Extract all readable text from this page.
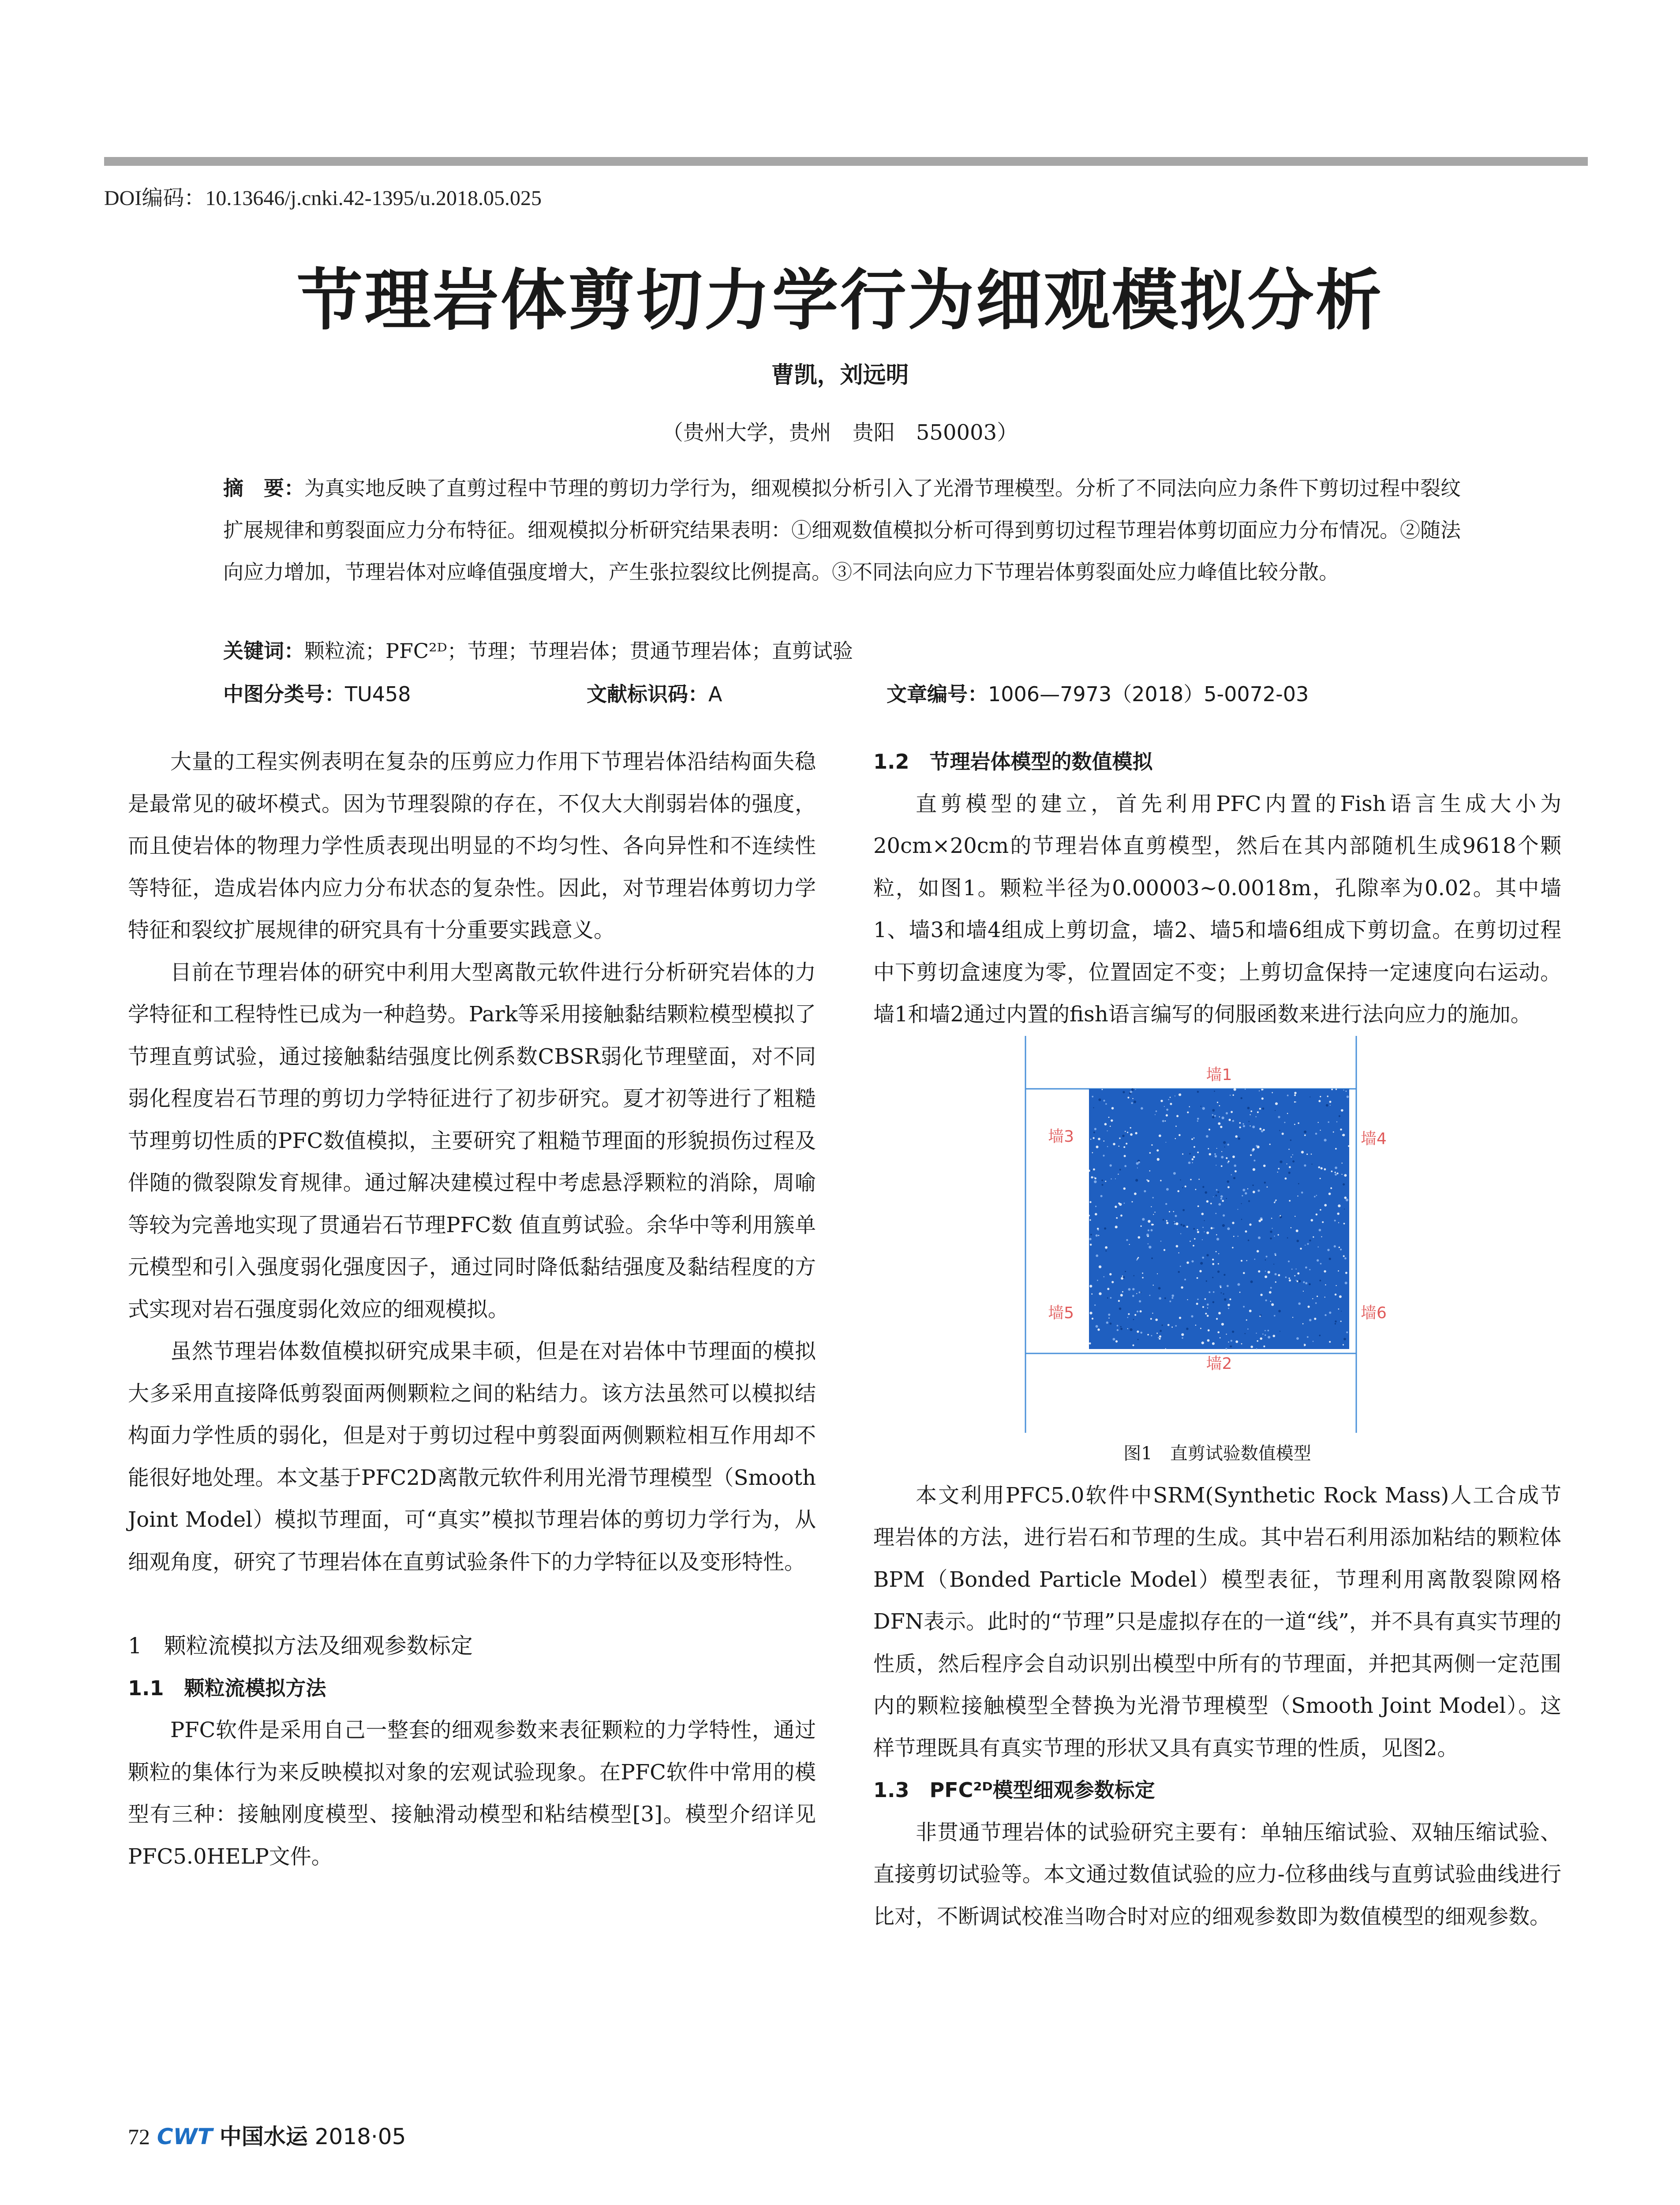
DOI编码：10.13646/j.cnki.42-1395/u.2018.05.025
节理岩体剪切力学行为细观模拟分析
曹凯，刘远明
（贵州大学，贵州　贵阳　550003）
摘　要：为真实地反映了直剪过程中节理的剪切力学行为，细观模拟分析引入了光滑节理模型。分析了不同法向应力条件下剪切过程中裂纹扩展规律和剪裂面应力分布特征。细观模拟分析研究结果表明：①细观数值模拟分析可得到剪切过程节理岩体剪切面应力分布情况。②随法向应力增加，节理岩体对应峰值强度增大，产生张拉裂纹比例提高。③不同法向应力下节理岩体剪裂面处应力峰值比较分散。
关键词：颗粒流；PFC²ᴰ；节理；节理岩体；贯通节理岩体；直剪试验
中图分类号：TU458	文献标识码：A	文章编号：1006—7973（2018）5-0072-03

大量的工程实例表明在复杂的压剪应力作用下节理岩体沿结构面失稳是最常见的破坏模式。因为节理裂隙的存在，不仅大大削弱岩体的强度，而且使岩体的物理力学性质表现出明显的不均匀性、各向异性和不连续性等特征，造成岩体内应力分布状态的复杂性。因此，对节理岩体剪切力学特征和裂纹扩展规律的研究具有十分重要实践意义。

目前在节理岩体的研究中利用大型离散元软件进行分析研究岩体的力学特征和工程特性已成为一种趋势。Park等采用接触黏结颗粒模型模拟了节理直剪试验，通过接触黏结强度比例系数CBSR弱化节理壁面，对不同弱化程度岩石节理的剪切力学特征进行了初步研究。夏才初等进行了粗糙节理剪切性质的PFC数值模拟，主要研究了粗糙节理面的形貌损伤过程及伴随的微裂隙发育规律。通过解决建模过程中考虑悬浮颗粒的消除，周喻等较为完善地实现了贯通岩石节理PFC数 值直剪试验。余华中等利用簇单元模型和引入强度弱化强度因子，通过同时降低黏结强度及黏结程度的方式实现对岩石强度弱化效应的细观模拟。

虽然节理岩体数值模拟研究成果丰硕，但是在对岩体中节理面的模拟大多采用直接降低剪裂面两侧颗粒之间的粘结力。该方法虽然可以模拟结构面力学性质的弱化，但是对于剪切过程中剪裂面两侧颗粒相互作用却不能很好地处理。本文基于PFC2D离散元软件利用光滑节理模型（Smooth Joint Model）模拟节理面，可“真实”模拟节理岩体的剪切力学行为，从细观角度，研究了节理岩体在直剪试验条件下的力学特征以及变形特性。

1　颗粒流模拟方法及细观参数标定

1.1　颗粒流模拟方法

PFC软件是采用自己一整套的细观参数来表征颗粒的力学特性，通过颗粒的集体行为来反映模拟对象的宏观试验现象。在PFC软件中常用的模型有三种：接触刚度模型、接触滑动模型和粘结模型[3]。模型介绍详见PFC5.0HELP文件。

1.2　节理岩体模型的数值模拟

直剪模型的建立，首先利用PFC内置的Fish语言生成大小为20cm×20cm的节理岩体直剪模型，然后在其内部随机生成9618个颗粒，如图1。颗粒半径为0.00003~0.0018m，孔隙率为0.02。其中墙1、墙3和墙4组成上剪切盒，墙2、墙5和墙6组成下剪切盒。在剪切过程中下剪切盒速度为零，位置固定不变；上剪切盒保持一定速度向右运动。墙1和墙2通过内置的fish语言编写的伺服函数来进行法向应力的施加。

墙1
墙2
墙3	墙4
墙5	墙6

图1　直剪试验数值模型

本文利用PFC5.0软件中SRM(Synthetic Rock Mass)人工合成节理岩体的方法，进行岩石和节理的生成。其中岩石利用添加粘结的颗粒体BPM（Bonded Particle Model）模型表征，节理利用离散裂隙网格DFN表示。此时的“节理”只是虚拟存在的一道“线”，并不具有真实节理的性质，然后程序会自动识别出模型中所有的节理面，并把其两侧一定范围内的颗粒接触模型全替换为光滑节理模型（Smooth Joint Model）。这样节理既具有真实节理的形状又具有真实节理的性质，见图2。

1.3　PFC²ᴰ模型细观参数标定

非贯通节理岩体的试验研究主要有：单轴压缩试验、双轴压缩试验、直接剪切试验等。本文通过数值试验的应力-位移曲线与直剪试验曲线进行比对，不断调试校准当吻合时对应的细观参数即为数值模型的细观参数。

72 CWT 中国水运 2018·05
